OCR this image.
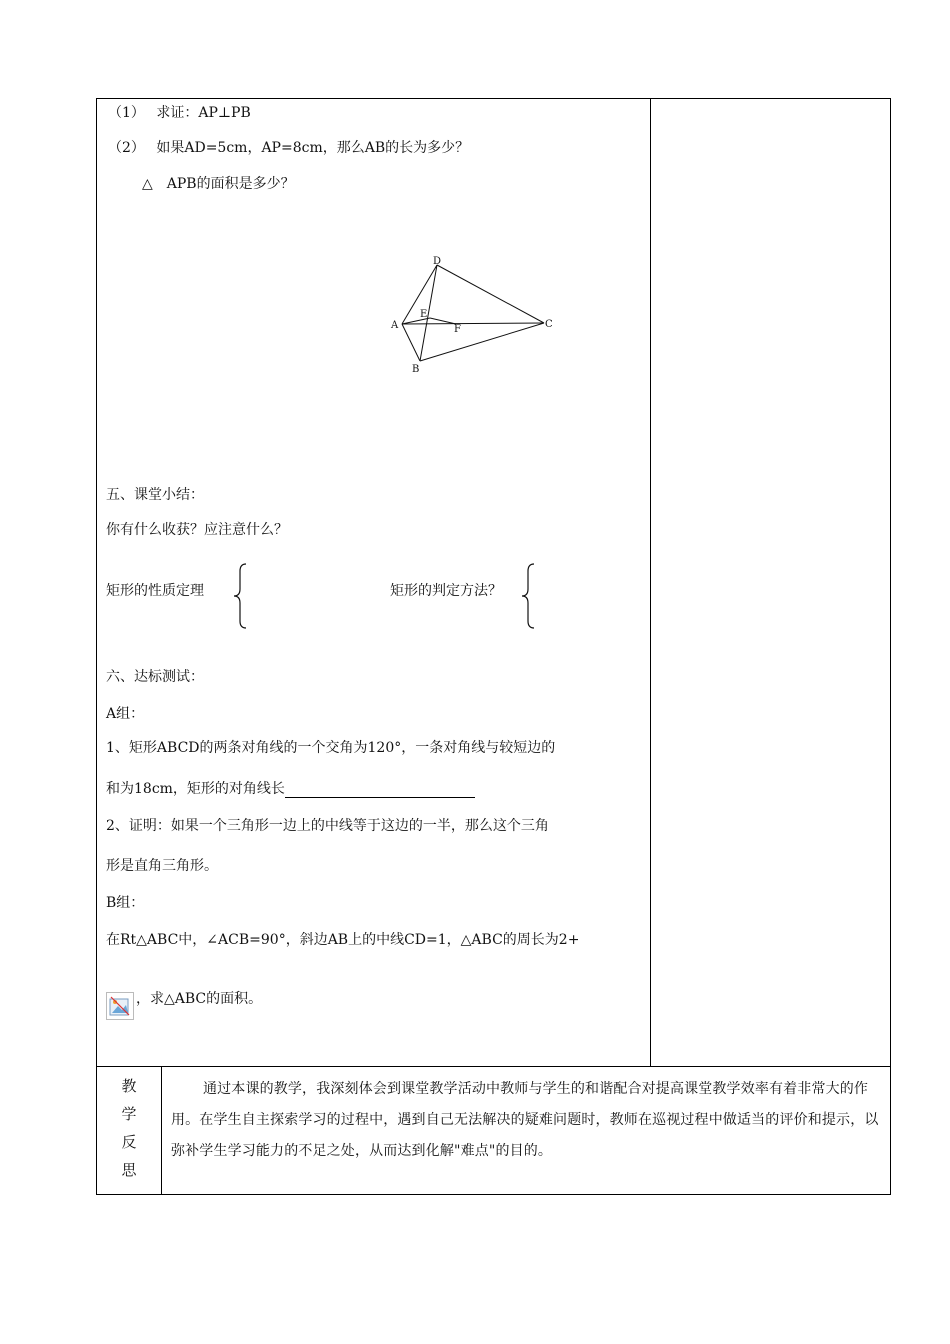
（1）　 求证：AP⊥PB
（2）　 如果AD=5cm，AP=8cm，那么AB的长为多少？
△　APB的面积是多少？
D
A
E
F	C
B
五、课堂小结：
你有什么收获？应注意什么？
矩形的性质定理	矩形的判定方法？
六、达标测试：
A组：
1、矩形ABCD的两条对角线的一个交角为120°，一条对角线与较短边的
和为18cm，矩形的对角线长
2、证明：如果一个三角形一边上的中线等于这边的一半，那么这个三角
形是直角三角形。
B组：
在Rt△ABC中，∠ACB=90°，斜边AB上的中线CD=1，△ABC的周长为2+
，求△ABC的面积。
教
学
反
思
通过本课的教学，我深刻体会到课堂教学活动中教师与学生的和谐配合对提高课堂教学效率有着非常大的作用。在学生自主探索学习的过程中，遇到自己无法解决的疑难问题时，教师在巡视过程中做适当的评价和提示，以弥补学生学习能力的不足之处，从而达到化解"难点"的目的。
